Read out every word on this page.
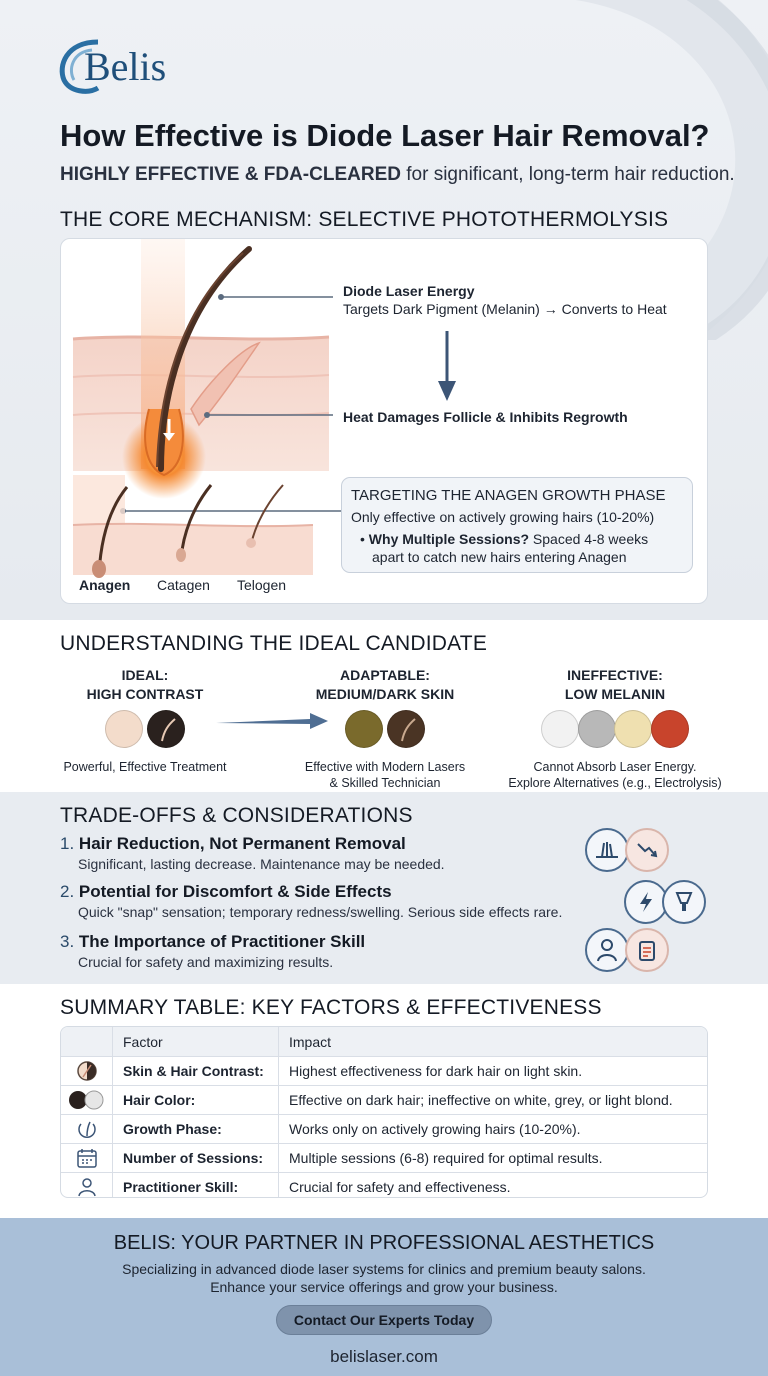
Belis
How Effective is Diode Laser Hair Removal?

HIGHLY EFFECTIVE & FDA-CLEARED for significant, long-term hair reduction.

THE CORE MECHANISM: SELECTIVE PHOTOTHERMOLYSIS
Diode Laser Energy
Targets Dark Pigment (Melanin) → Converts to Heat
Heat Damages Follicle & Inhibits Regrowth
TARGETING THE ANAGEN GROWTH PHASE
Only effective on actively growing hairs (10-20%)
• Why Multiple Sessions? Spaced 4-8 weeks
apart to catch new hairs entering Anagen
Anagen Catagen Telogen
UNDERSTANDING THE IDEAL CANDIDATE
IDEAL:
HIGH CONTRAST

Powerful, Effective Treatment
ADAPTABLE:
MEDIUM/DARK SKIN

Effective with Modern Lasers
& Skilled Technician
INEFFECTIVE:
LOW MELANIN

Cannot Absorb Laser Energy.
Explore Alternatives (e.g., Electrolysis)
TRADE-OFFS & CONSIDERATIONS
1. Hair Reduction, Not Permanent Removal
Significant, lasting decrease. Maintenance may be needed.
2. Potential for Discomfort & Side Effects
Quick "snap" sensation; temporary redness/swelling. Serious side effects rare.
3. The Importance of Practitioner Skill
Crucial for safety and maximizing results.
SUMMARY TABLE: KEY FACTORS & EFFECTIVENESS
Factor	Impact
Skin & Hair Contrast:	Highest effectiveness for dark hair on light skin.
Hair Color:	Effective on dark hair; ineffective on white, grey, or light blond.
Growth Phase:	Works only on actively growing hairs (10-20%).
Number of Sessions:	Multiple sessions (6-8) required for optimal results.
Practitioner Skill:	Crucial for safety and effectiveness.
BELIS: YOUR PARTNER IN PROFESSIONAL AESTHETICS
Specializing in advanced diode laser systems for clinics and premium beauty salons.
Enhance your service offerings and grow your business.
Contact Our Experts Today
belislaser.com
